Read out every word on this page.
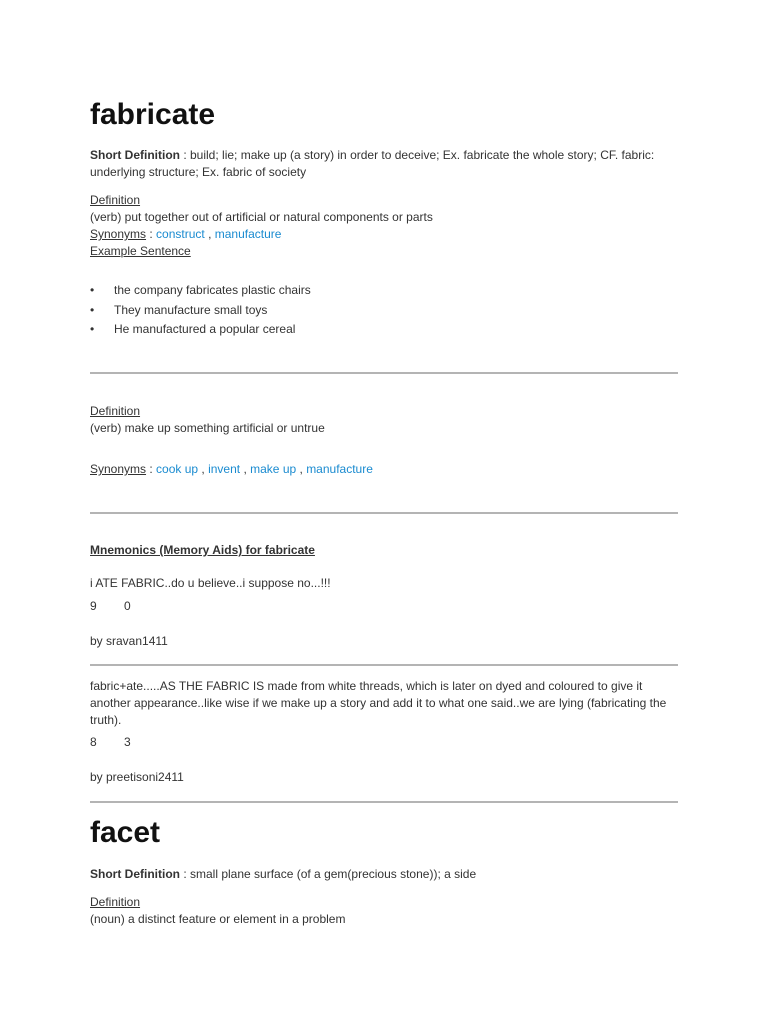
fabricate
Short Definition : build; lie; make up (a story) in order to deceive; Ex. fabricate the whole story; CF. fabric: underlying structure; Ex. fabric of society
Definition
(verb) put together out of artificial or natural components or parts
Synonyms : construct , manufacture
Example Sentence
• the company fabricates plastic chairs
• They manufacture small toys
• He manufactured a popular cereal
Definition
(verb) make up something artificial or untrue
Synonyms : cook up , invent , make up , manufacture
Mnemonics (Memory Aids) for fabricate
i ATE FABRIC..do u believe..i suppose no...!!!
9 0
by sravan1411
fabric+ate.....AS THE FABRIC IS made from white threads, which is later on dyed and coloured to give it another appearance..like wise if we make up a story and add it to what one said..we are lying (fabricating the truth).
8 3
by preetisoni2411
facet
Short Definition : small plane surface (of a gem(precious stone)); a side
Definition
(noun) a distinct feature or element in a problem
